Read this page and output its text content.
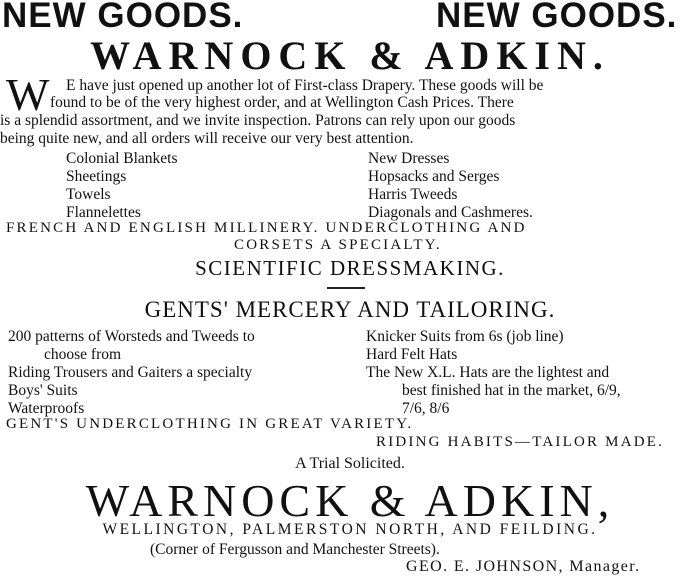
NEW GOODS.	NEW GOODS.
WARNOCK & ADKIN.
W E have just opened up another lot of First-class Drapery. These goods will be
found to be of the very highest order, and at Wellington Cash Prices. There
is a splendid assortment, and we invite inspection. Patrons can rely upon our goods
being quite new, and all orders will receive our very best attention.
Colonial Blankets
Sheetings
Towels
Flannelettes
New Dresses
Hopsacks and Serges
Harris Tweeds
Diagonals and Cashmeres.
FRENCH AND ENGLISH MILLINERY. UNDERCLOTHING AND
CORSETS A SPECIALTY.
SCIENTIFIC DRESSMAKING.
GENTS' MERCERY AND TAILORING.
200 patterns of Worsteds and Tweeds to
choose from
Riding Trousers and Gaiters a specialty
Boys' Suits
Waterproofs
Knicker Suits from 6s (job line)
Hard Felt Hats
The New X.L. Hats are the lightest and
best finished hat in the market, 6/9,
7/6, 8/6
GENT'S UNDERCLOTHING IN GREAT VARIETY.
RIDING HABITS—TAILOR MADE.
A Trial Solicited.
WARNOCK & ADKIN,
WELLINGTON, PALMERSTON NORTH, AND FEILDING.
(Corner of Fergusson and Manchester Streets).
GEO. E. JOHNSON, Manager.
